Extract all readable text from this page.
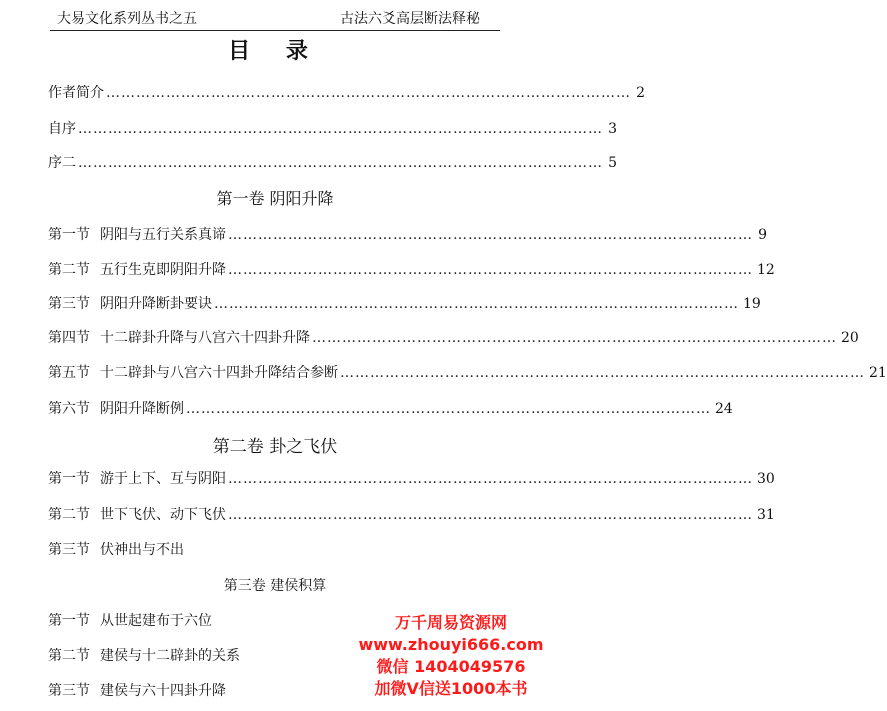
大易文化系列丛书之五	古法六爻高层断法释秘
目 录
作者简介 …………………………………………………………………………………………… 2
自序 …………………………………………………………………………………………… 3
序二 …………………………………………………………………………………………… 5
第一卷 阴阳升降
第一节 阴阳与五行关系真谛 …………………………………………………………………………………………… 9
第二节 五行生克即阴阳升降 …………………………………………………………………………………………… 12
第三节 阴阳升降断卦要诀 …………………………………………………………………………………………… 19
第四节 十二辟卦升降与八宫六十四卦升降 …………………………………………………………………………………………… 20
第五节 十二辟卦与八宫六十四卦升降结合参断 …………………………………………………………………………………………… 21
第六节 阴阳升降断例 …………………………………………………………………………………………… 24
第二卷 卦之飞伏
第一节 游于上下、互与阴阳 …………………………………………………………………………………………… 30
第二节 世下飞伏、动下飞伏 …………………………………………………………………………………………… 31
第三节 伏神出与不出
第三卷 建侯积算
第一节 从世起建布于六位
第二节 建侯与十二辟卦的关系
第三节 建侯与六十四卦升降
万千周易资源网
www.zhouyi666.com
微信 1404049576
加微V信送1000本书
